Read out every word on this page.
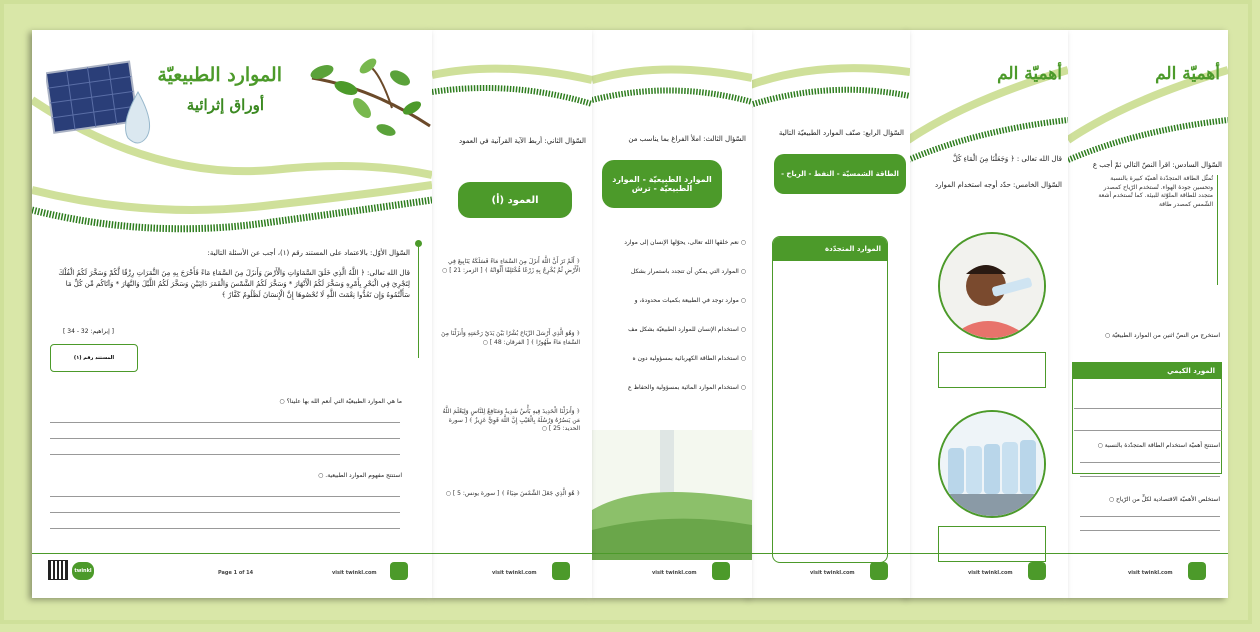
أهميّة الم
السّؤال السادس: اقرأ النصّ التالي ثمّ أجب ع
تُمثّل الطاقة المتجدّدة أهميّة كبيرة بالنسبة وتحسين جودة الهواء. تُستخدم الرّياح كمصدر متجدد للطاقة الملوّثة للبيئة. كما تُستخدم أشعة الشّمس كمصدر طاقة
استخرج من النصّ اثنين من الموارد الطبيعيّة ○
المورد الكيمي
استنتج أهميّة استخدام الطاقة المتجدّدة بالنسبة ○
استخلص الأهميّة الاقتصادية لكلٍّ من الرّياح ○
visit twinkl.com
أهميّة الم
قال الله تعالى : ﴿ وَجَعَلْنَا مِنَ الْمَاءِ كُلَّ
السّؤال الخامس: حدّد أوجه استخدام الموارد
visit twinkl.com
السّؤال الرابع: صنّف الموارد الطبيعيّة التالية
الطاقة الشمسيّة - النفط - الرياح -
الموارد المتجدّدة
visit twinkl.com
السّؤال الثالث: املأ الفراغ بما يناسب من
الموارد الطبيعيّة - الموارد الطبيعيّة - ترش
○ نعم خلقها الله تعالى، يحوّلها الإنسان إلى موارد
○ الموارد التي يمكن أن تتجدد باستمرار بشكل
○ موارد توجد في الطبيعة بكميات محدودة، و
○ استخدام الإنسان للموارد الطبيعيّة بشكل مف
○ استخدام الطاقة الكهربائية بمسؤولية دون ه
○ استخدام الموارد المائية بمسؤولية والحفاظ ع
visit twinkl.com
السّؤال الثاني: أربط الآية القرآنية في العمود
العمود (أ)
﴿ أَلَمْ تَرَ أَنَّ اللَّهَ أَنزَلَ مِنَ السَّمَاءِ مَاءً فَسَلَكَهُ يَنَابِيعَ فِي الْأَرْضِ ثُمَّ يُخْرِجُ بِهِ زَرْعًا مُّخْتَلِفًا أَلْوَانُهُ ﴾ [ الزمر: 21 ] ○
﴿ وَهُوَ الَّذِي أَرْسَلَ الرِّيَاحَ بُشْرًا بَيْنَ يَدَيْ رَحْمَتِهِ وَأَنزَلْنَا مِنَ السَّمَاءِ مَاءً طَهُورًا ﴾ [ الفرقان: 48 ] ○
﴿ وَأَنزَلْنَا الْحَدِيدَ فِيهِ بَأْسٌ شَدِيدٌ وَمَنَافِعُ لِلنَّاسِ وَلِيَعْلَمَ اللَّهُ مَن يَنصُرُهُ وَرُسُلَهُ بِالْغَيْبِ إِنَّ اللَّهَ قَوِيٌّ عَزِيزٌ ﴾ [ سورة الحديد: 25 ] ○
﴿ هُوَ الَّذِي جَعَلَ الشَّمْسَ ضِيَاءً ﴾ [ سورة يونس: 5 ] ○
visit twinkl.com
الموارد الطبيعيّة
أوراق إثرائية
السّؤال الأوّل: بالاعتماد على المستند رقم (١)، أجب عن الأسئلة التالية:
قال الله تعالى: ﴿ اللَّهُ الَّذِي خَلَقَ السَّمَاوَاتِ وَالْأَرْضَ وَأَنزَلَ مِنَ السَّمَاءِ مَاءً فَأَخْرَجَ بِهِ مِنَ الثَّمَرَاتِ رِزْقًا لَّكُمْ وَسَخَّرَ لَكُمُ الْفُلْكَ لِتَجْرِيَ فِي الْبَحْرِ بِأَمْرِهِ وَسَخَّرَ لَكُمُ الْأَنْهَارَ * وَسَخَّرَ لَكُمُ الشَّمْسَ وَالْقَمَرَ دَائِبَيْنِ وَسَخَّرَ لَكُمُ اللَّيْلَ وَالنَّهَارَ * وَآتَاكُم مِّن كُلِّ مَا سَأَلْتُمُوهُ وَإِن تَعُدُّوا نِعْمَتَ اللَّهِ لَا تُحْصُوهَا إِنَّ الْإِنسَانَ لَظَلُومٌ كَفَّارٌ ﴾
[ إبراهيم: 32 - 34 ]
المستند رقم (١)
ما هي الموارد الطبيعيّة التي أنعم الله بها علينا؟ ○
استنتج مفهوم الموارد الطبيعية. ○
twinkl	Page 1 of 14	visit twinkl.com
